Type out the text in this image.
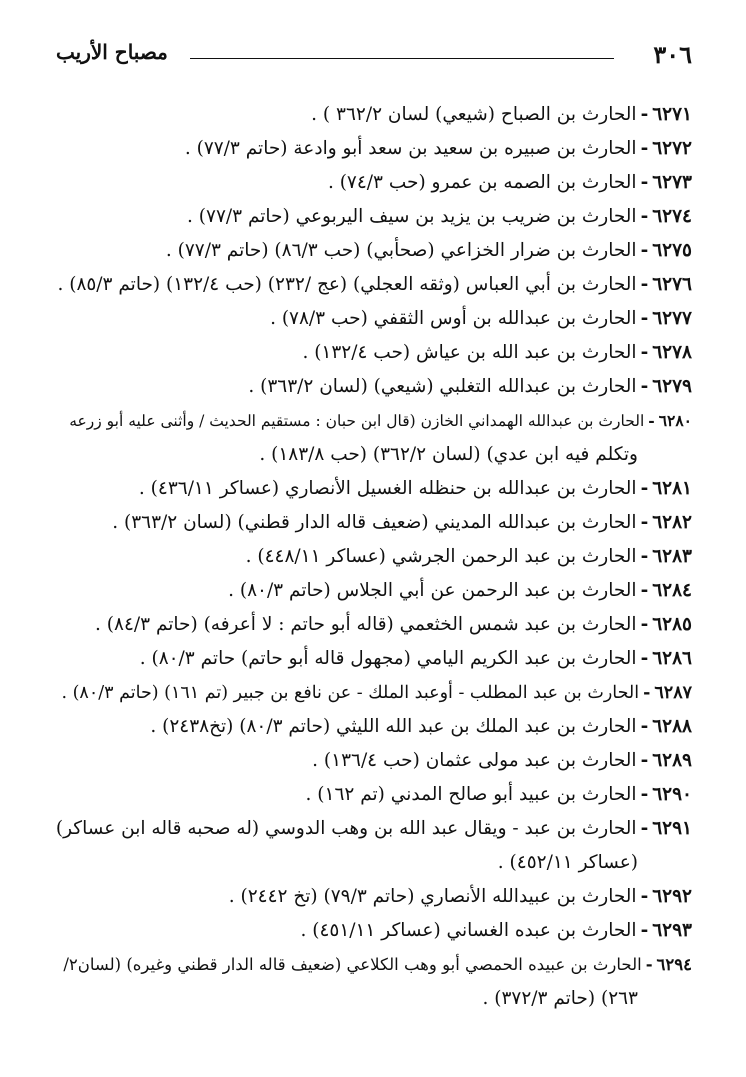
٣٠٦
مصباح الأريب
٦٢٧١-الحارث بن الصباح (شيعي) لسان ٣٦٢/٢ ) .
٦٢٧٢-الحارث بن صبيره بن سعيد بن سعد أبو وادعة (حاتم ٧٧/٣) .
٦٢٧٣-الحارث بن الصمه بن عمرو (حب ٧٤/٣) .
٦٢٧٤-الحارث بن ضريب بن يزيد بن سيف اليربوعي (حاتم ٧٧/٣) .
٦٢٧٥-الحارث بن ضرار الخزاعي (صحأبي) (حب ٨٦/٣) (حاتم ٧٧/٣) .
٦٢٧٦-الحارث بن أبي العباس (وثقه العجلي) (عج /٢٣٢) (حب ١٣٢/٤) (حاتم ٨٥/٣) .
٦٢٧٧-الحارث بن عبدالله بن أوس الثقفي (حب ٧٨/٣) .
٦٢٧٨-الحارث بن عبد الله بن عياش (حب ١٣٢/٤) .
٦٢٧٩-الحارث بن عبدالله التغلبي (شيعي) (لسان ٣٦٣/٢) .
٦٢٨٠-الحارث بن عبدالله الهمداني الخازن (قال ابن حبان : مستقيم الحديث / وأثنى عليه أبو زرعه
وتكلم فيه ابن عدي) (لسان ٣٦٢/٢) (حب ١٨٣/٨) .
٦٢٨١-الحارث بن عبدالله بن حنظله الغسيل الأنصاري (عساكر ٤٣٦/١١) .
٦٢٨٢-الحارث بن عبدالله المديني (ضعيف قاله الدار قطني) (لسان ٣٦٣/٢) .
٦٢٨٣-الحارث بن عبد الرحمن الجرشي (عساكر ٤٤٨/١١) .
٦٢٨٤-الحارث بن عبد الرحمن عن أبي الجلاس (حاتم ٨٠/٣) .
٦٢٨٥-الحارث بن عبد شمس الخثعمي (قاله أبو حاتم : لا أعرفه) (حاتم ٨٤/٣) .
٦٢٨٦-الحارث بن عبد الكريم اليامي (مجهول قاله أبو حاتم) حاتم ٨٠/٣) .
٦٢٨٧-الحارث بن عبد المطلب - أوعبد الملك - عن نافع بن جبير (تم ١٦١) (حاتم ٨٠/٣) .
٦٢٨٨-الحارث بن عبد الملك بن عبد الله الليثي (حاتم ٨٠/٣) (تخ٢٤٣٨) .
٦٢٨٩-الحارث بن عبد مولى عثمان (حب ١٣٦/٤) .
٦٢٩٠-الحارث بن عبيد أبو صالح المدني (تم ١٦٢) .
٦٢٩١-الحارث بن عبد - ويقال عبد الله بن وهب الدوسي (له صحبه قاله ابن عساكر)
(عساكر ٤٥٢/١١) .
٦٢٩٢-الحارث بن عبيدالله الأنصاري (حاتم ٧٩/٣) (تخ ٢٤٤٢) .
٦٢٩٣-الحارث بن عبده الغساني (عساكر ٤٥١/١١) .
٦٢٩٤-الحارث بن عبيده الحمصي أبو وهب الكلاعي (ضعيف قاله الدار قطني وغيره) (لسان٢/
٢٦٣) (حاتم ٣٧٢/٣) .
